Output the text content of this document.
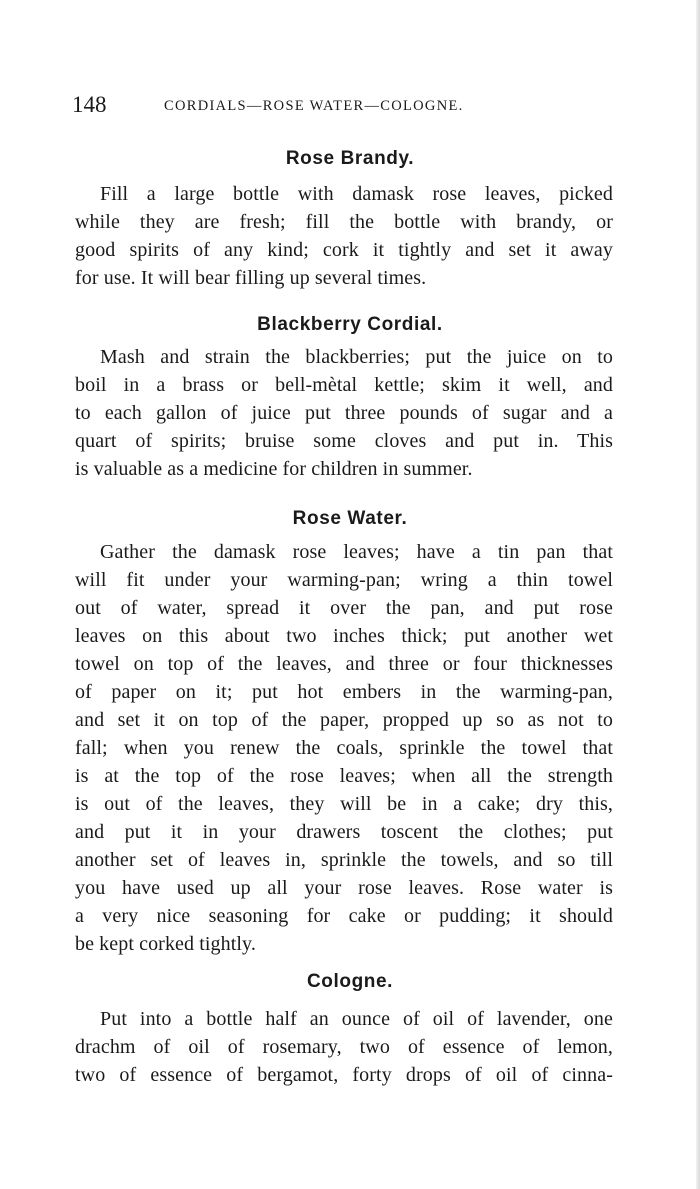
148	CORDIALS—ROSE WATER—COLOGNE.
Rose Brandy.
Fill a large bottle with damask rose leaves, picked
while they are fresh; fill the bottle with brandy, or
good spirits of any kind; cork it tightly and set it away
for use. It will bear filling up several times.
Blackberry Cordial.
Mash and strain the blackberries; put the juice on to
boil in a brass or bell-mètal kettle; skim it well, and
to each gallon of juice put three pounds of sugar and a
quart of spirits; bruise some cloves and put in. This
is valuable as a medicine for children in summer.
Rose Water.
Gather the damask rose leaves; have a tin pan that
will fit under your warming-pan; wring a thin towel
out of water, spread it over the pan, and put rose
leaves on this about two inches thick; put another wet
towel on top of the leaves, and three or four thicknesses
of paper on it; put hot embers in the warming-pan,
and set it on top of the paper, propped up so as not to
fall; when you renew the coals, sprinkle the towel that
is at the top of the rose leaves; when all the strength
is out of the leaves, they will be in a cake; dry this,
and put it in your drawers toscent the clothes; put
another set of leaves in, sprinkle the towels, and so till
you have used up all your rose leaves. Rose water is
a very nice seasoning for cake or pudding; it should
be kept corked tightly.
Cologne.
Put into a bottle half an ounce of oil of lavender, one
drachm of oil of rosemary, two of essence of lemon,
two of essence of bergamot, forty drops of oil of cinna-
